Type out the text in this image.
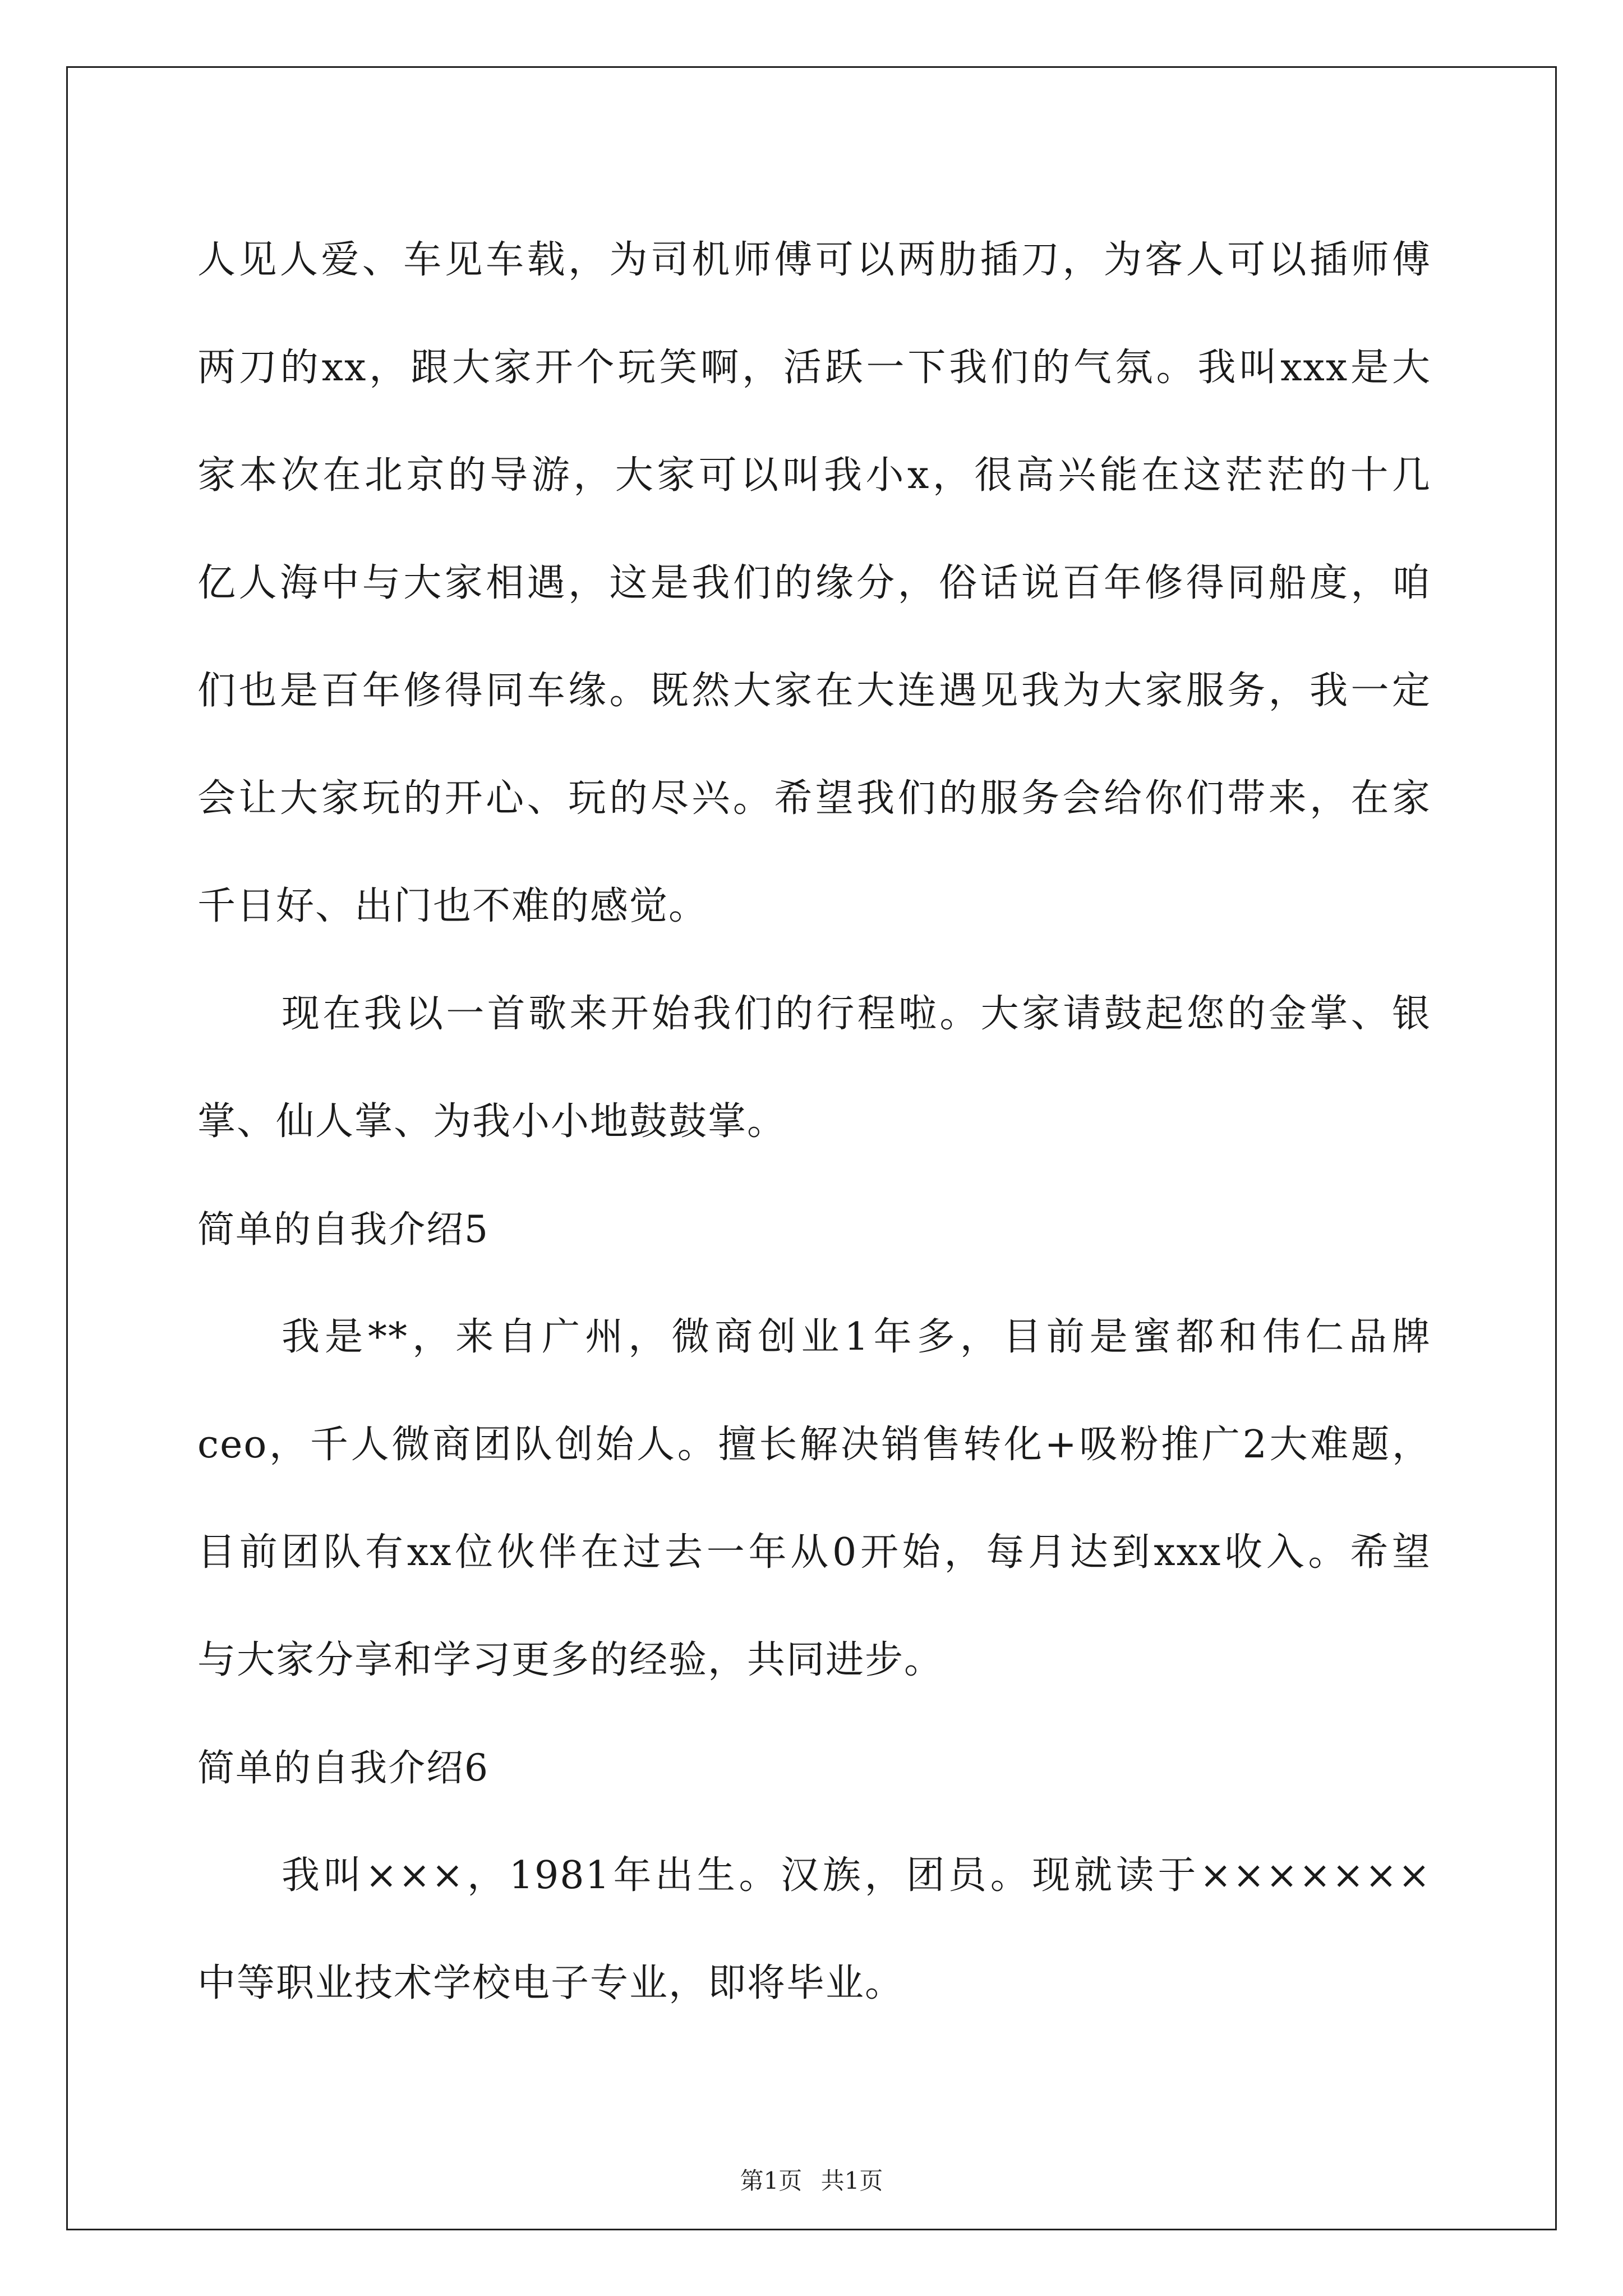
人见人爱、车见车载，为司机师傅可以两肋插刀，为客人可以插师傅
两刀的xx，跟大家开个玩笑啊，活跃一下我们的气氛。我叫xxx是大
家本次在北京的导游，大家可以叫我小x，很高兴能在这茫茫的十几
亿人海中与大家相遇，这是我们的缘分，俗话说百年修得同船度，咱
们也是百年修得同车缘。既然大家在大连遇见我为大家服务，我一定
会让大家玩的开心、玩的尽兴。希望我们的服务会给你们带来，在家
千日好、出门也不难的感觉。
现在我以一首歌来开始我们的行程啦。大家请鼓起您的金掌、银
掌、仙人掌、为我小小地鼓鼓掌。
简单的自我介绍5
我是**，来自广州，微商创业1年多，目前是蜜都和伟仁品牌
ceo，千人微商团队创始人。擅长解决销售转化+吸粉推广2大难题，
目前团队有xx位伙伴在过去一年从0开始，每月达到xxx收入。希望
与大家分享和学习更多的经验，共同进步。
简单的自我介绍6
我叫×××，1981年出生。汉族，团员。现就读于×××××××
中等职业技术学校电子专业，即将毕业。
第1页 共1页
